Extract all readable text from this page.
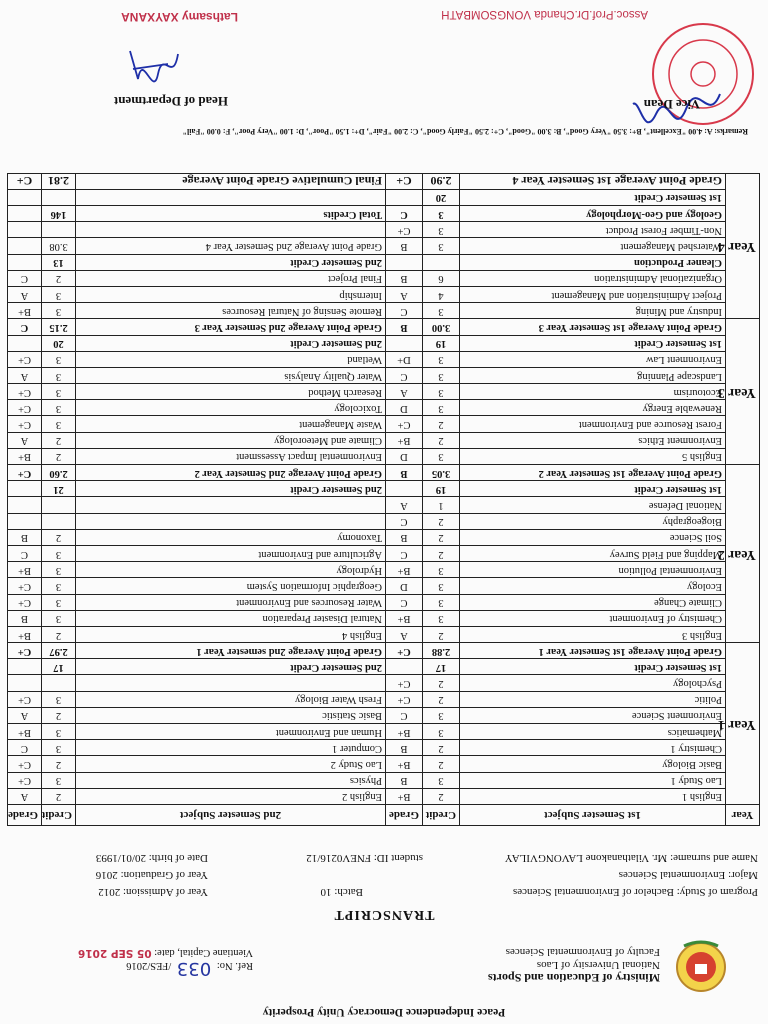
Peace Independence Democracy Unity Prosperity
Ministry of Education and Sports
National University of Laos
Faculty of Environmental Sciences
Ref. No: 033 /FES/2016
Vientiane Capital, date: 05 SEP 2016
TRANSCRIPT
Program of Study: Bachelor of Environmental Sciences
Batch: 10
Year of Admission: 2012
Major: Environmental Sciences
Year of Graduation: 2016
Name and surname: Mr. Vilathanakone LAVONGVILAY
student ID: FNEV0216/12
Date of birth: 20/01/1993
Year	1st Semester Subject	Credit	Grade	2nd Semester Subject	Credit	Grade
Year 1	English 1	2	B+	English 2	2	A
	Lao Study 1	3	B	Physics	3	C+
	Basic Biology	2	B+	Lao Study 2	2	C+
	Chemistry 1	2	B	Computer 1	3	C
	Mathematics	3	B+	Human and Environment	3	B+
	Environment Science	3	C	Basic Statistic	2	A
	Politic	2	C+	Fresh Water Biology	3	C+
	Psychology	2	C+			
	1st Semester Credit	17		2nd Semester Credit	17	
	Grade Point Average 1st Semester Year 1	2.88	C+	Grade Point Average 2nd semester Year 1	2.97	C+
Year 2	English 3	2	A	English 4	2	B+
	Chemistry of Environment	3	B+	Natural Disaster Preparation	3	B
	Climate Change	3	C	Water Resources and Environment	3	C+
	Ecology	3	D	Geographic Information System	3	C+
	Environmental Pollution	3	B+	Hydrology	3	B+
	Mapping and Field Survey	2	C	Agriculture and Environment	3	C
	Soil Science	2	B	Taxonomy	2	B
	Biogeography	2	C			
	National Defense	1	A			
	1st Semester Credit	19		2nd Semester Credit	21	
	Grade Point Average 1st Semester Year 2	3.05	B	Grade Point Average 2nd Semester Year 2	2.60	C+
Year 3	English 5	3	D	Environmental Impact Assessment	2	B+
	Environment Ethics	2	B+	Climate and Meteorology	2	A
	Forest Resource and Environment	2	C+	Waste Management	3	C+
	Renewable Energy	3	D	Toxicology	3	C+
	Ecotourism	3	A	Research Method	3	C+
	Landscape Planning	3	C	Water Quality Analysis	3	A
	Environment Law	3	D+	Wetland	3	C+
	1st Semester Credit	19		2nd Semester Credit	20	
	Grade Point Average 1st Semester Year 3	3.00	B	Grade Point Average 2nd Semester Year 3	2.15	C
Year 4	Industry and Mining	3	C	Remote Sensing of Natural Resources	3	B+
	Project Administration and Management	4	A	Internship	3	A
	Organizational Administration	6	B	Final Project	2	C
	Cleaner Production			2nd Semester Credit	13	
	Watershed Management	3	B	Grade Point Average 2nd Semester Year 4	3.08	
	Non-Timber Forest Product	3	C+			
	Geology and Geo-Morphology	3	C	Total Credits	146	
	1st Semester Credit	20				
	Grade Point Average 1st Semester Year 4	2.90	C+	Final Cumulative Grade Point Average	2.81	C+
Remarks: A: 4.00 "Excellent", B+: 3.50 "Very Good", B: 3.00 "Good", C+: 2.50 "Fairly Good", C: 2.00 "Fair", D+: 1.50 "Poor", D: 1.00 "Very Poor", F: 0.00 "Fail"
Vice Dean
Head of Department
Lathsamy XAYXANA	Assoc.Prof.Dr.Chanda VONGSOMBATH
